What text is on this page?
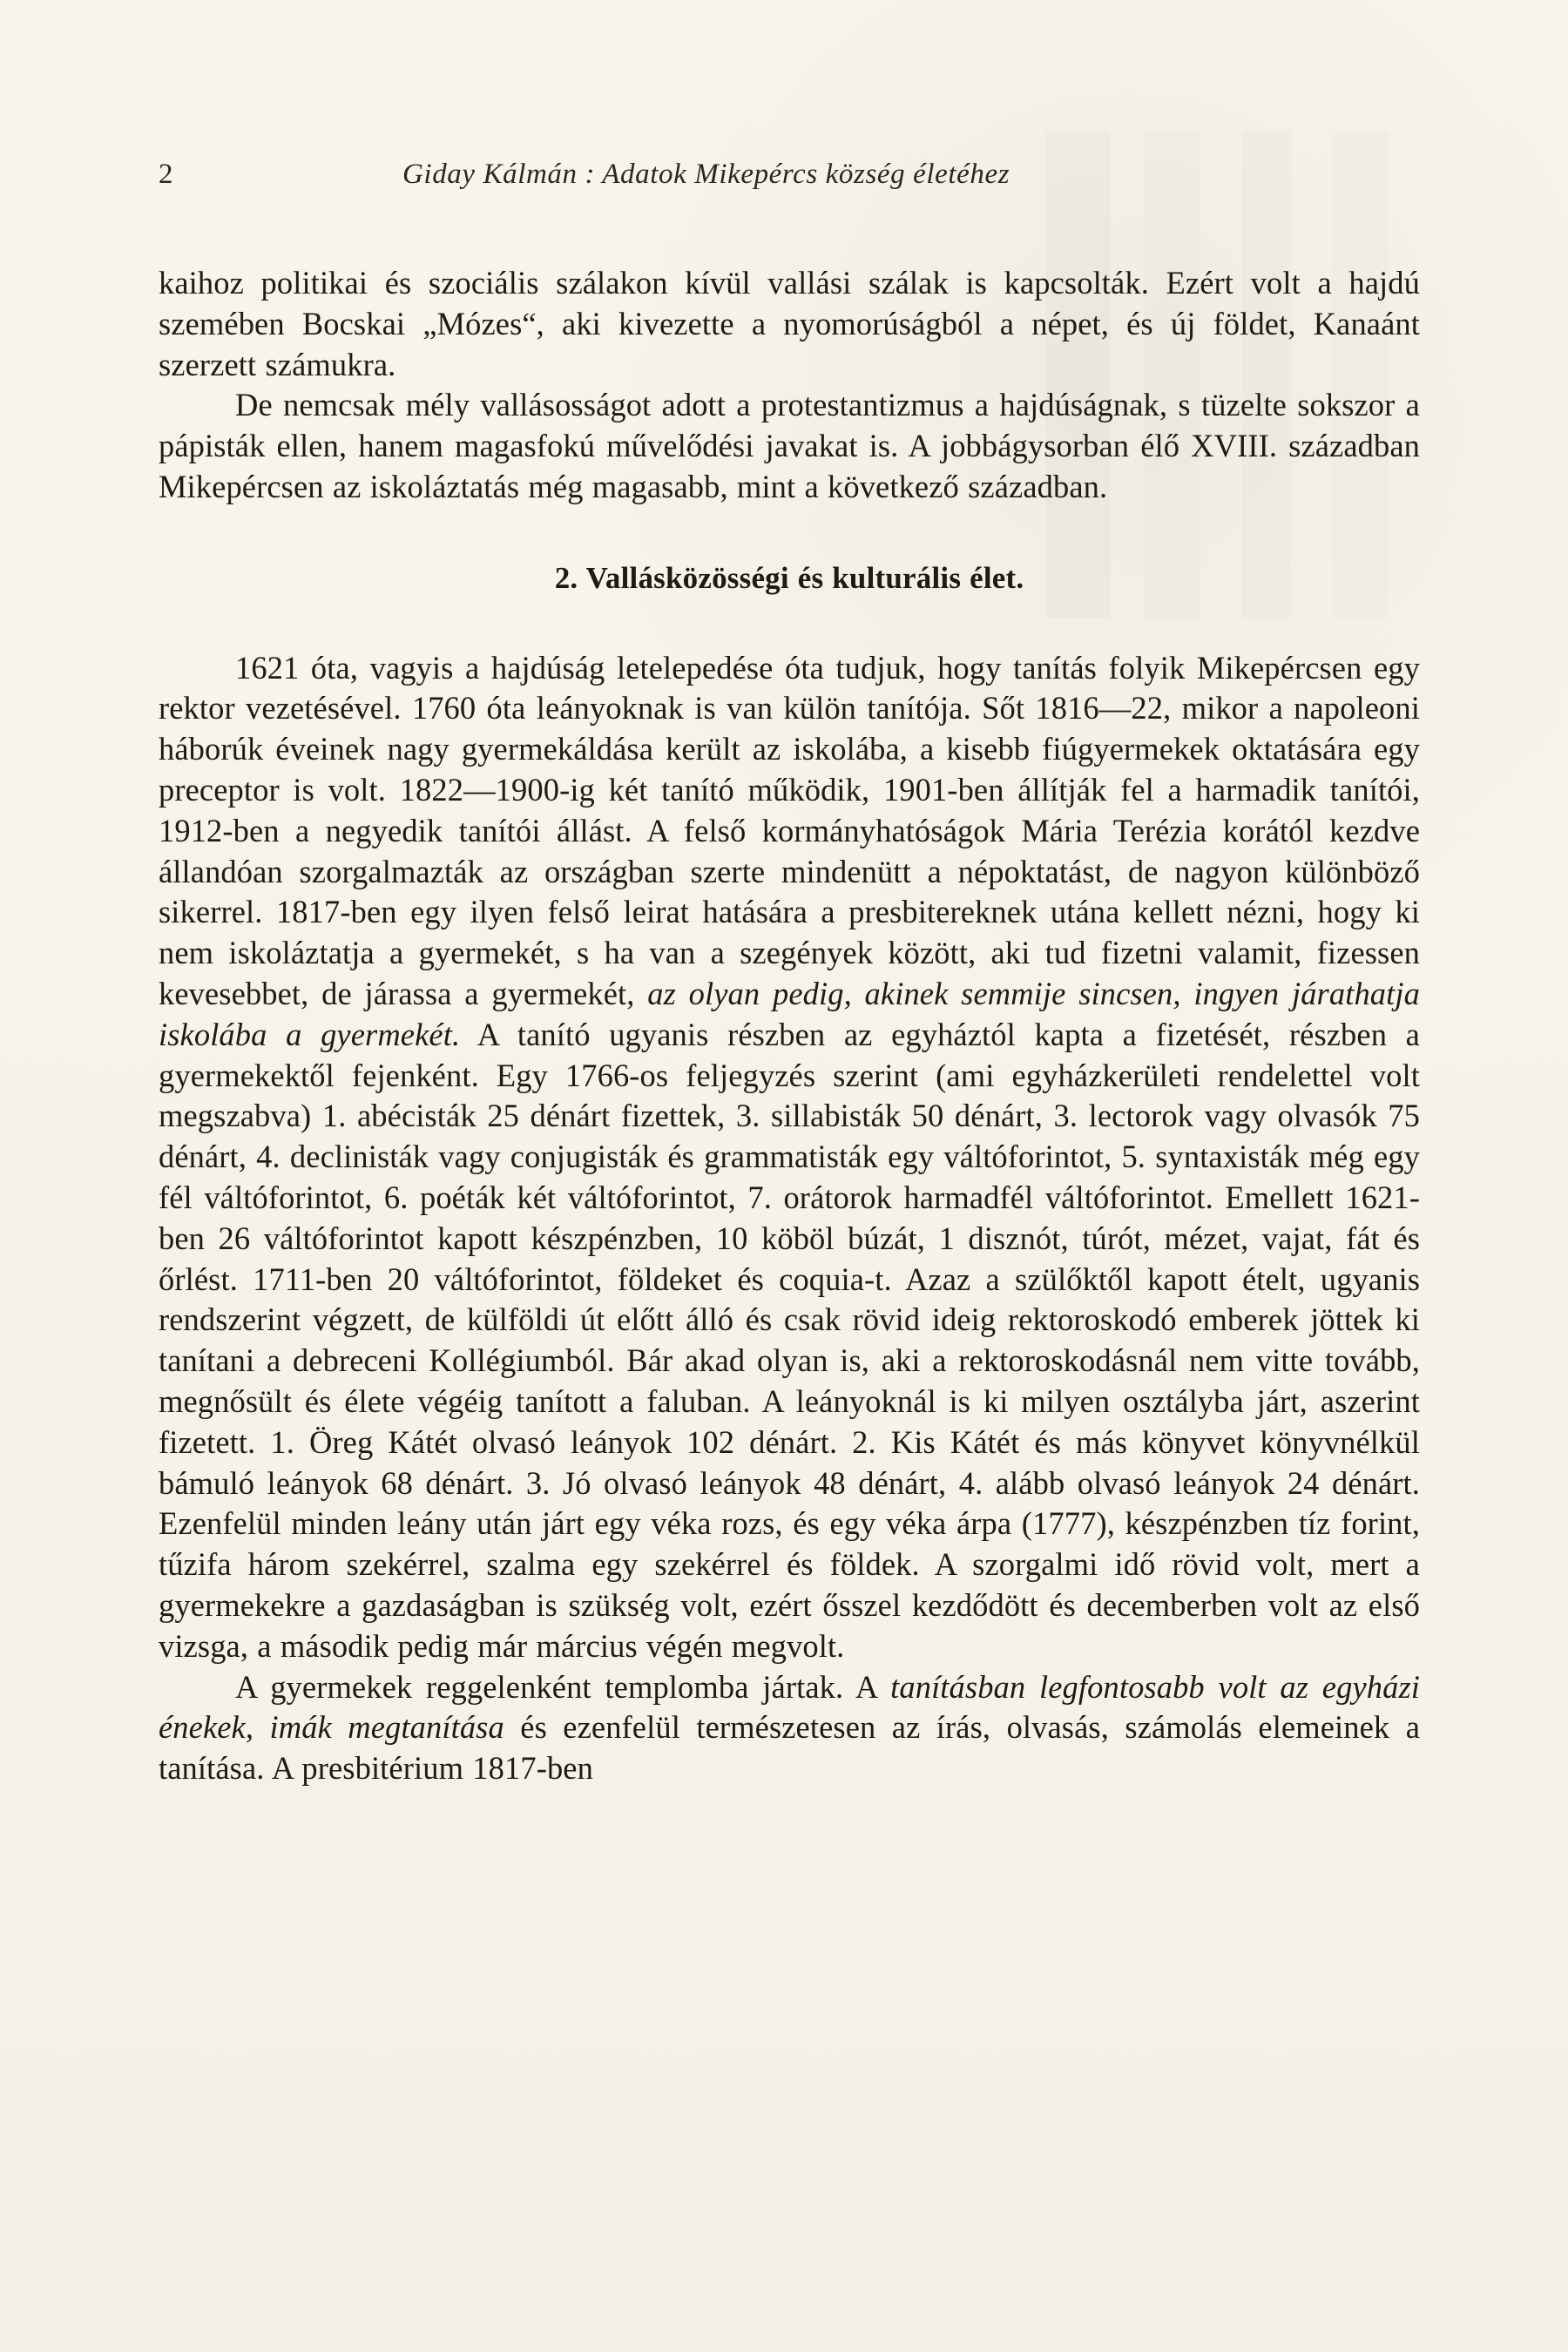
2	Giday Kálmán : Adatok Mikepércs község életéhez

kaihoz politikai és szociális szálakon kívül vallási szálak is kapcsolták. Ezért volt a hajdú szemében Bocskai „Mózes“, aki kivezette a nyomorúságból a népet, és új földet, Kanaánt szerzett számukra.

De nemcsak mély vallásosságot adott a protestantizmus a hajdúságnak, s tüzelte sokszor a pápisták ellen, hanem magasfokú művelődési javakat is. A jobbágysorban élő XVIII. században Mikepércsen az iskoláztatás még magasabb, mint a következő században.

2. Vallásközösségi és kulturális élet.

1621 óta, vagyis a hajdúság letelepedése óta tudjuk, hogy tanítás folyik Mikepércsen egy rektor vezetésével. 1760 óta leányoknak is van külön tanítója. Sőt 1816—22, mikor a napoleoni háborúk éveinek nagy gyermekáldása került az iskolába, a kisebb fiúgyermekek oktatására egy preceptor is volt. 1822—1900-ig két tanító működik, 1901-ben állítják fel a harmadik tanítói, 1912-ben a negyedik tanítói állást. A felső kormányhatóságok Mária Terézia korától kezdve állandóan szorgalmazták az országban szerte mindenütt a népoktatást, de nagyon különböző sikerrel. 1817-ben egy ilyen felső leirat hatására a presbitereknek utána kellett nézni, hogy ki nem iskoláztatja a gyermekét, s ha van a szegények között, aki tud fizetni valamit, fizessen kevesebbet, de járassa a gyermekét, az olyan pedig, akinek semmije sincsen, ingyen járathatja iskolába a gyermekét. A tanító ugyanis részben az egyháztól kapta a fizetését, részben a gyermekektől fejenként. Egy 1766-os feljegyzés szerint (ami egyházkerületi rendelettel volt megszabva) 1. abécisták 25 dénárt fizettek, 3. sillabisták 50 dénárt, 3. lectorok vagy olvasók 75 dénárt, 4. declinisták vagy conjugisták és grammatisták egy váltóforintot, 5. syntaxisták még egy fél váltóforintot, 6. poéták két váltóforintot, 7. orátorok harmadfél váltóforintot. Emellett 1621-ben 26 váltóforintot kapott készpénzben, 10 köböl búzát, 1 disznót, túrót, mézet, vajat, fát és őrlést. 1711-ben 20 váltóforintot, földeket és coquia-t. Azaz a szülőktől kapott ételt, ugyanis rendszerint végzett, de külföldi út előtt álló és csak rövid ideig rektoroskodó emberek jöttek ki tanítani a debreceni Kollégiumból. Bár akad olyan is, aki a rektoroskodásnál nem vitte tovább, megnősült és élete végéig tanított a faluban. A leányoknál is ki milyen osztályba járt, aszerint fizetett. 1. Öreg Kátét olvasó leányok 102 dénárt. 2. Kis Kátét és más könyvet könyvnélkül bámuló leányok 68 dénárt. 3. Jó olvasó leányok 48 dénárt, 4. alább olvasó leányok 24 dénárt. Ezenfelül minden leány után járt egy véka rozs, és egy véka árpa (1777), készpénzben tíz forint, tűzifa három szekérrel, szalma egy szekérrel és földek. A szorgalmi idő rövid volt, mert a gyermekekre a gazdaságban is szükség volt, ezért ősszel kezdődött és decemberben volt az első vizsga, a második pedig már március végén megvolt.

A gyermekek reggelenként templomba jártak. A tanításban legfontosabb volt az egyházi énekek, imák megtanítása és ezenfelül természetesen az írás, olvasás, számolás elemeinek a tanítása. A presbitérium 1817-ben
